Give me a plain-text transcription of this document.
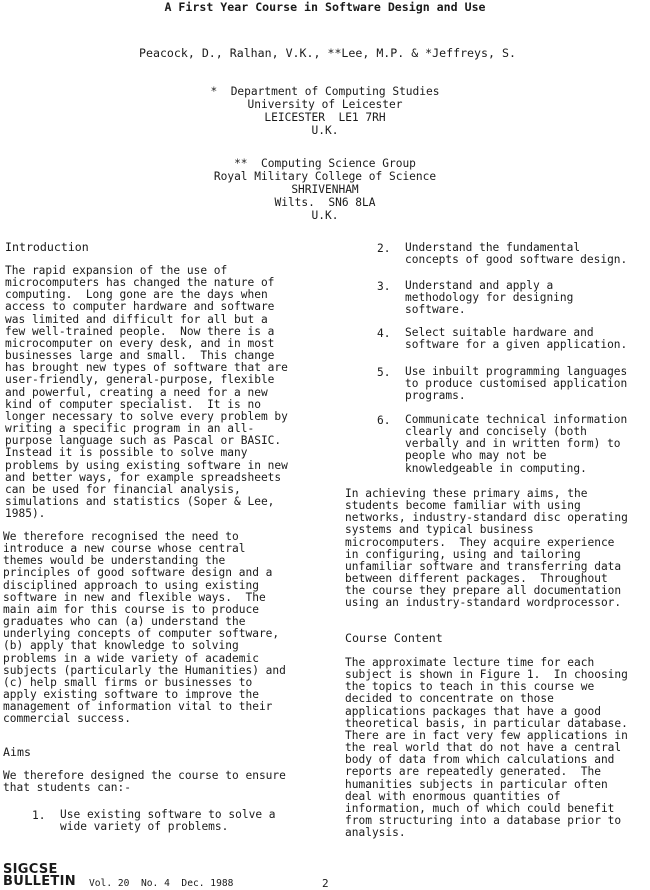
A First Year Course in Software Design and Use
Peacock, D., Ralhan, V.K., **Lee, M.P. & *Jeffreys, S.
*  Department of Computing Studies
University of Leicester
LEICESTER  LE1 7RH
U.K.
**  Computing Science Group
Royal Military College of Science
SHRIVENHAM
Wilts.  SN6 8LA
U.K.
Introduction
The rapid expansion of the use of
microcomputers has changed the nature of
computing.  Long gone are the days when
access to computer hardware and software
was limited and difficult for all but a
few well-trained people.  Now there is a
microcomputer on every desk, and in most
businesses large and small.  This change
has brought new types of software that are
user-friendly, general-purpose, flexible
and powerful, creating a need for a new
kind of computer specialist.  It is no
longer necessary to solve every problem by
writing a specific program in an all-
purpose language such as Pascal or BASIC.
Instead it is possible to solve many
problems by using existing software in new
and better ways, for example spreadsheets
can be used for financial analysis,
simulations and statistics (Soper & Lee,
1985).
We therefore recognised the need to
introduce a new course whose central
themes would be understanding the
principles of good software design and a
disciplined approach to using existing
software in new and flexible ways.  The
main aim for this course is to produce
graduates who can (a) understand the
underlying concepts of computer software,
(b) apply that knowledge to solving
problems in a wide variety of academic
subjects (particularly the Humanities) and
(c) help small firms or businesses to
apply existing software to improve the
management of information vital to their
commercial success.
Aims
We therefore designed the course to ensure
that students can:-
1. Use existing software to solve a
wide variety of problems.
2. Understand the fundamental
concepts of good software design.
3. Understand and apply a
methodology for designing
software.
4. Select suitable hardware and
software for a given application.
5. Use inbuilt programming languages
to produce customised application
programs.
6. Communicate technical information
clearly and concisely (both
verbally and in written form) to
people who may not be
knowledgeable in computing.
In achieving these primary aims, the
students become familiar with using
networks, industry-standard disc operating
systems and typical business
microcomputers.  They acquire experience
in configuring, using and tailoring
unfamiliar software and transferring data
between different packages.  Throughout
the course they prepare all documentation
using an industry-standard wordprocessor.
Course Content
The approximate lecture time for each
subject is shown in Figure 1.  In choosing
the topics to teach in this course we
decided to concentrate on those
applications packages that have a good
theoretical basis, in particular database.
There are in fact very few applications in
the real world that do not have a central
body of data from which calculations and
reports are repeatedly generated.  The
humanities subjects in particular often
deal with enormous quantities of
information, much of which could benefit
from structuring into a database prior to
analysis.
SIGCSE
BULLETIN Vol. 20  No. 4  Dec. 1988	2
